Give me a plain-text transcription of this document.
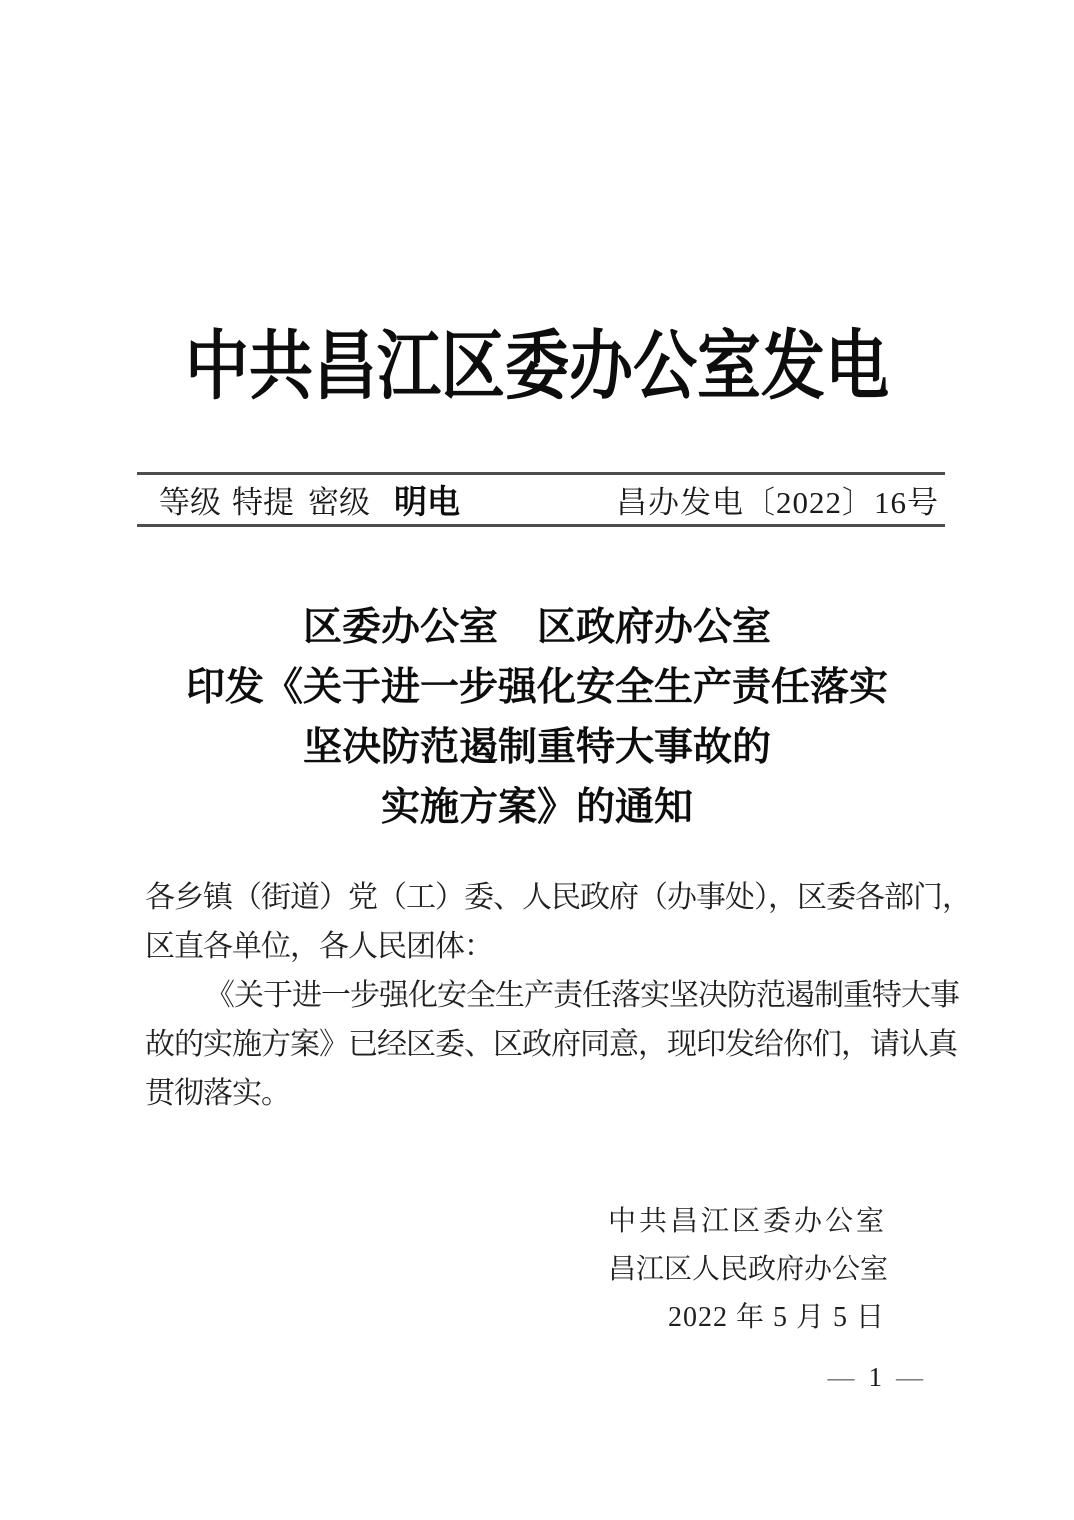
中共昌江区委办公室发电
等级 特提 密级 明电	昌办发电〔2022〕16号
区委办公室　区政府办公室
印发《关于进一步强化安全生产责任落实
坚决防范遏制重特大事故的
实施方案》的通知
各乡镇（街道）党（工）委、人民政府（办事处），区委各部门，
区直各单位，各人民团体：
《关于进一步强化安全生产责任落实坚决防范遏制重特大事
故的实施方案》已经区委、区政府同意，现印发给你们，请认真
贯彻落实。
中共昌江区委办公室
昌江区人民政府办公室
2022 年 5 月 5 日
— 1 —
